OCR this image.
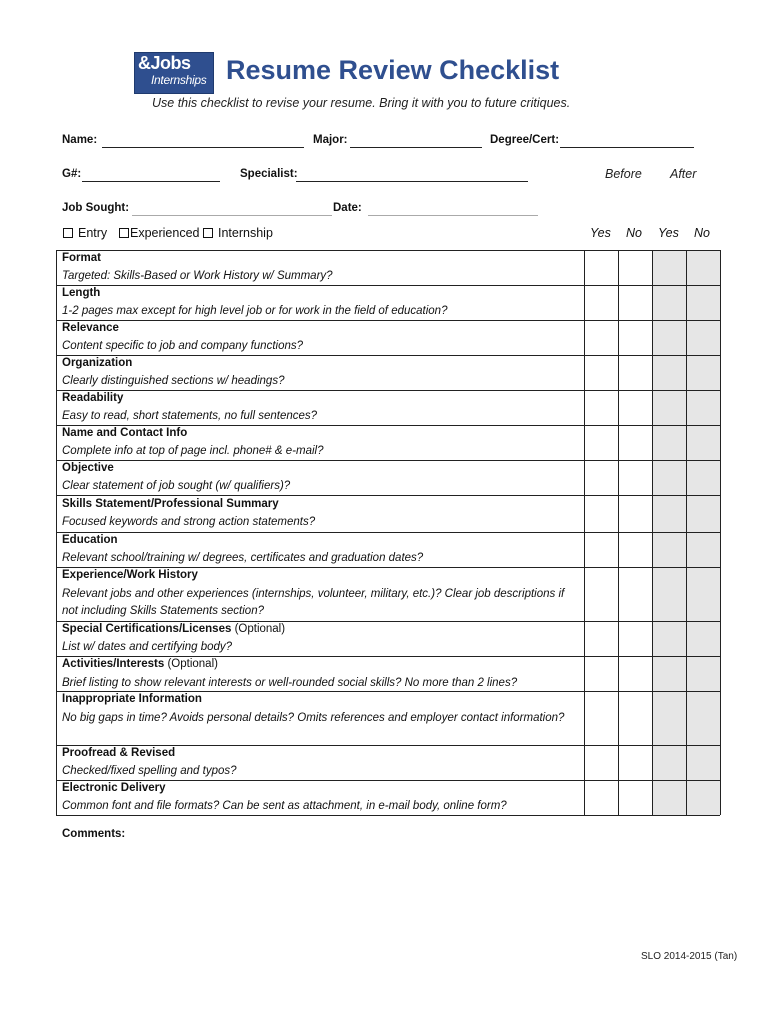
&Jobs
Internships Resume Review Checklist
Use this checklist to revise your resume. Bring it with you to future critiques.
Name:	Major:	Degree/Cert:
G#:	Specialist:	Before After
Job Sought:	Date:
Entry Experienced Internship	Yes No Yes No
Format
Targeted: Skills-Based or Work History w/ Summary?
Length
1-2 pages max except for high level job or for work in the field of education?
Relevance
Content specific to job and company functions?
Organization
Clearly distinguished sections w/ headings?
Readability
Easy to read, short statements, no full sentences?
Name and Contact Info
Complete info at top of page incl. phone# & e-mail?
Objective
Clear statement of job sought (w/ qualifiers)?
Skills Statement/Professional Summary
Focused keywords and strong action statements?
Education
Relevant school/training w/ degrees, certificates and graduation dates?
Experience/Work History
Relevant jobs and other experiences (internships, volunteer, military, etc.)? Clear job descriptions if not including Skills Statements section?
Special Certifications/Licenses (Optional)
List w/ dates and certifying body?
Activities/Interests (Optional)
Brief listing to show relevant interests or well-rounded social skills? No more than 2 lines?
Inappropriate Information
No big gaps in time? Avoids personal details? Omits references and employer contact information?
Proofread & Revised
Checked/fixed spelling and typos?
Electronic Delivery
Common font and file formats? Can be sent as attachment, in e-mail body, online form?
Comments:
SLO 2014-2015 (Tan)
